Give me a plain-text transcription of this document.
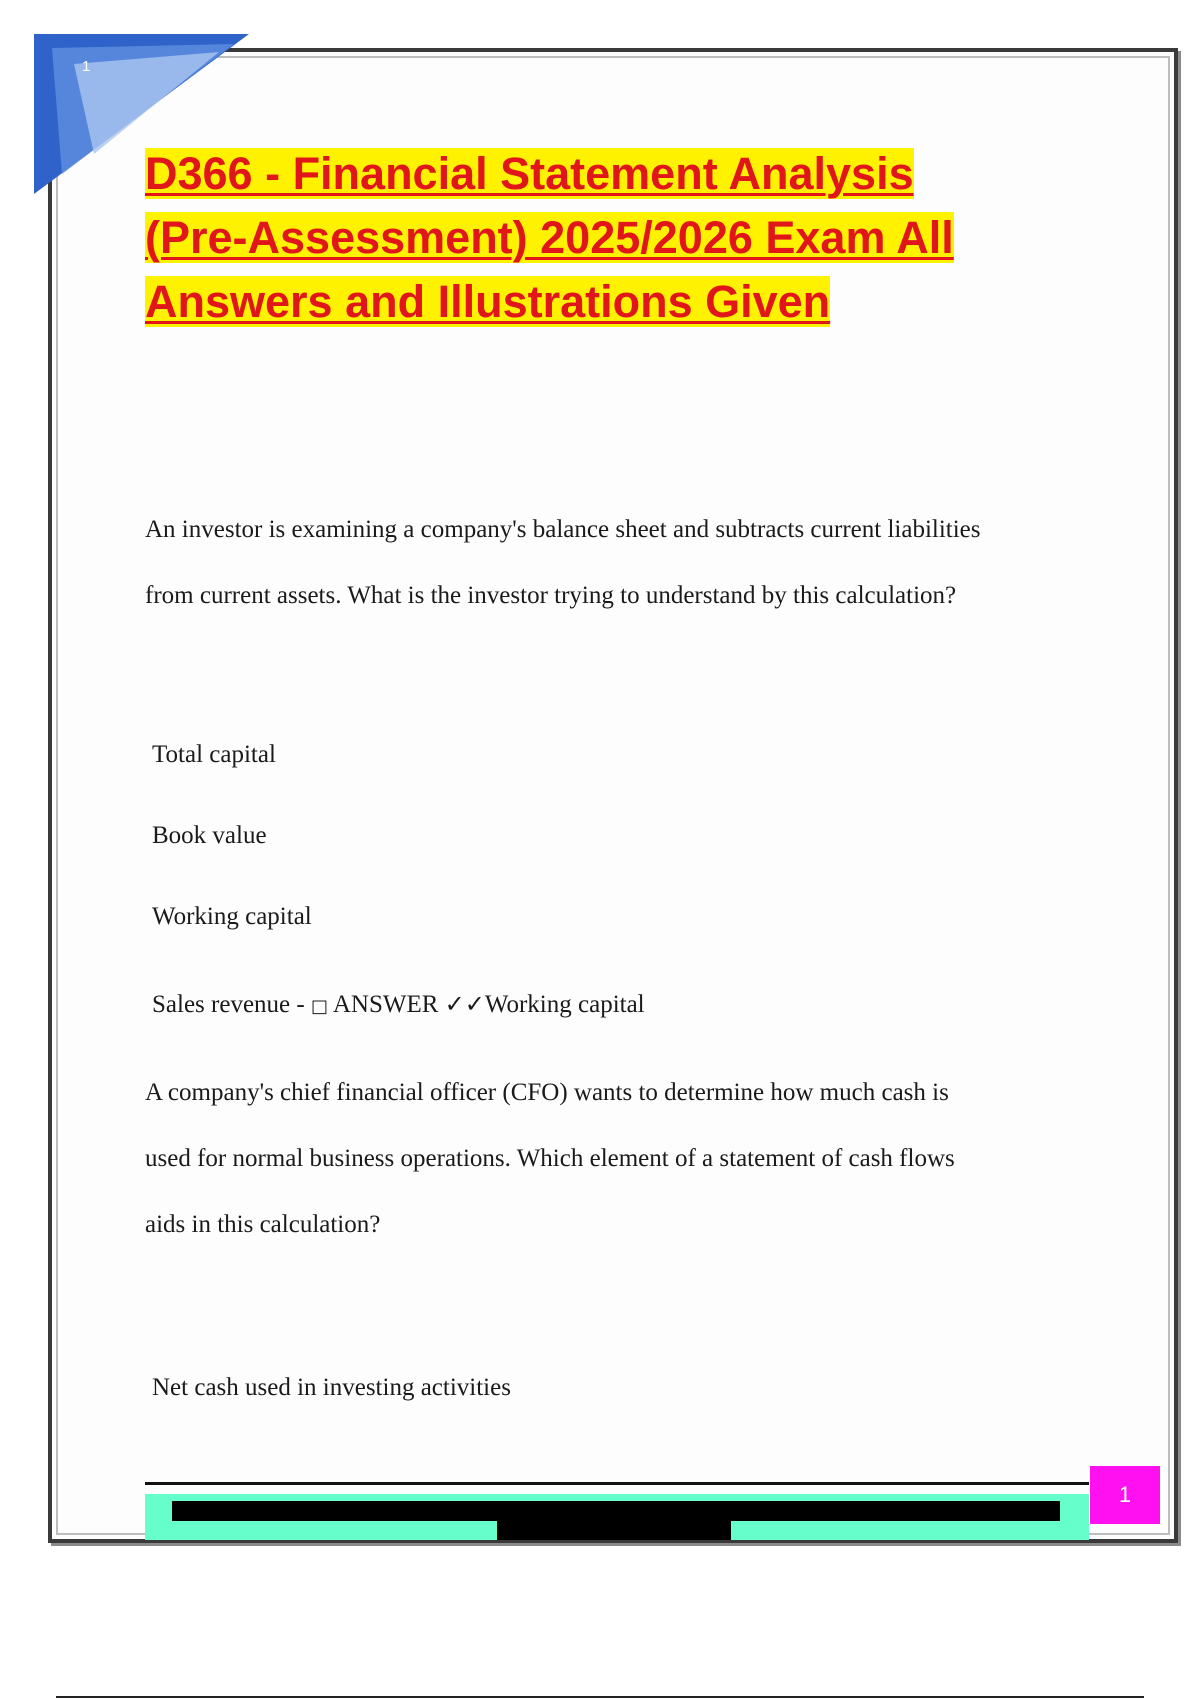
1
D366 - Financial Statement Analysis
(Pre-Assessment) 2025/2026 Exam All
Answers and Illustrations Given

An investor is examining a company's balance sheet and subtracts current liabilities
from current assets. What is the investor trying to understand by this calculation?

Total capital

Book value

Working capital

Sales revenue - □ ANSWER ✓✓Working capital

A company's chief financial officer (CFO) wants to determine how much cash is
used for normal business operations. Which element of a statement of cash flows
aids in this calculation?

Net cash used in investing activities

1
